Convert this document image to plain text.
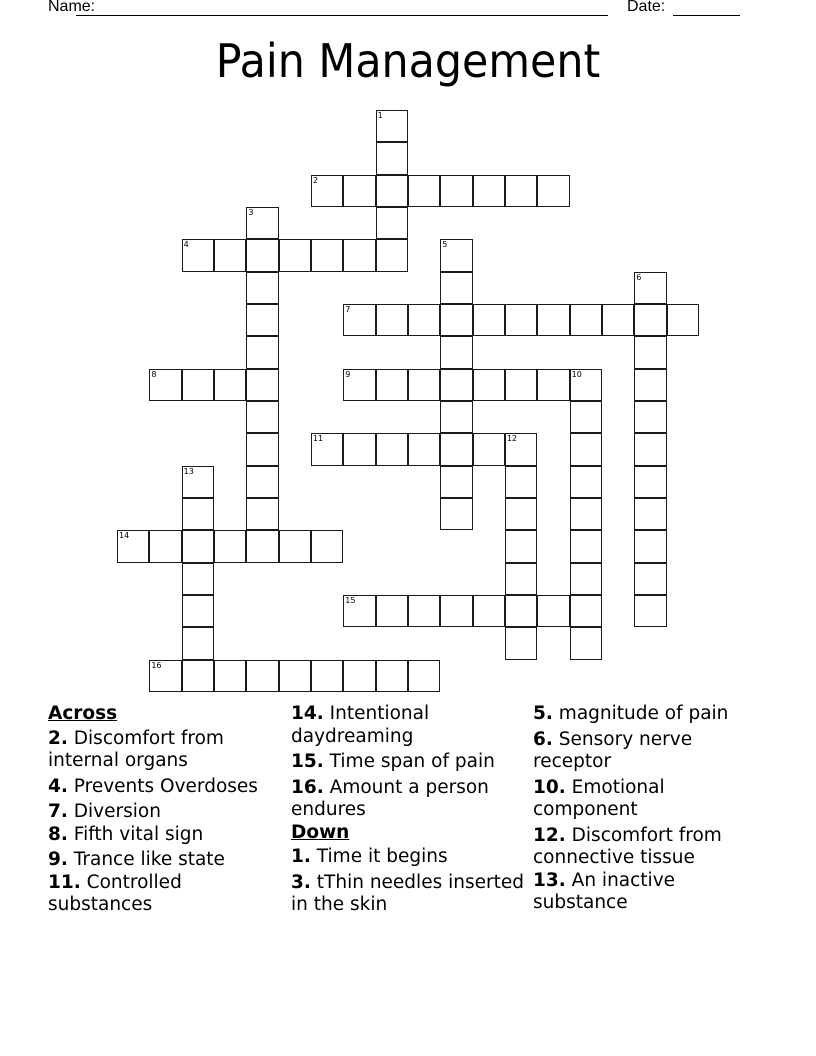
Name:	Date:
Pain Management
1
2
3
4	5
6
7
8	9	10
11	12
13
14
15
16
Across
2. Discomfort from internal organs
4. Prevents Overdoses
7. Diversion
8. Fifth vital sign
9. Trance like state
11. Controlled substances
14. Intentional daydreaming
15. Time span of pain
16. Amount a person endures
Down
1. Time it begins
3. tThin needles inserted in the skin
5. magnitude of pain
6. Sensory nerve receptor
10. Emotional component
12. Discomfort from connective tissue
13. An inactive substance
